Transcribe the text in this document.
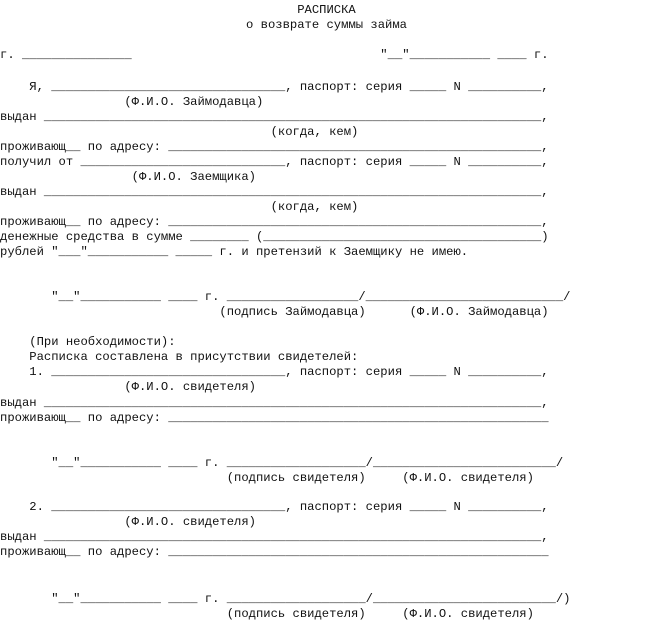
РАСПИСКА

о возврате суммы займа

г. _______________                                  "__"___________ ____ г.

Я, ________________________________, паспорт: серия _____ N __________,

(Ф.И.О. Займодавца)

выдан ____________________________________________________________________,

(когда, кем)

проживающ__ по адресу: ___________________________________________________,

получил от ____________________________, паспорт: серия _____ N __________,

(Ф.И.О. Заемщика)

выдан ____________________________________________________________________,

(когда, кем)

проживающ__ по адресу: ___________________________________________________,

денежные средства в сумме ________ (______________________________________)

рублей "___"___________ _____ г. и претензий к Заемщику не имею.

"__"___________ ____ г. __________________/___________________________/

(подпись Займодавца)      (Ф.И.О. Займодавца)

(При необходимости):

Расписка составлена в присутствии свидетелей:

1. ________________________________, паспорт: серия _____ N __________,

(Ф.И.О. свидетеля)

выдан ____________________________________________________________________,

проживающ__ по адресу: ____________________________________________________

"__"___________ ____ г. ___________________/_________________________/

(подпись свидетеля)     (Ф.И.О. свидетеля)

2. ________________________________, паспорт: серия _____ N __________,

(Ф.И.О. свидетеля)

выдан ____________________________________________________________________,

проживающ__ по адресу: ____________________________________________________

"__"___________ ____ г. ___________________/_________________________/)

(подпись свидетеля)     (Ф.И.О. свидетеля)
